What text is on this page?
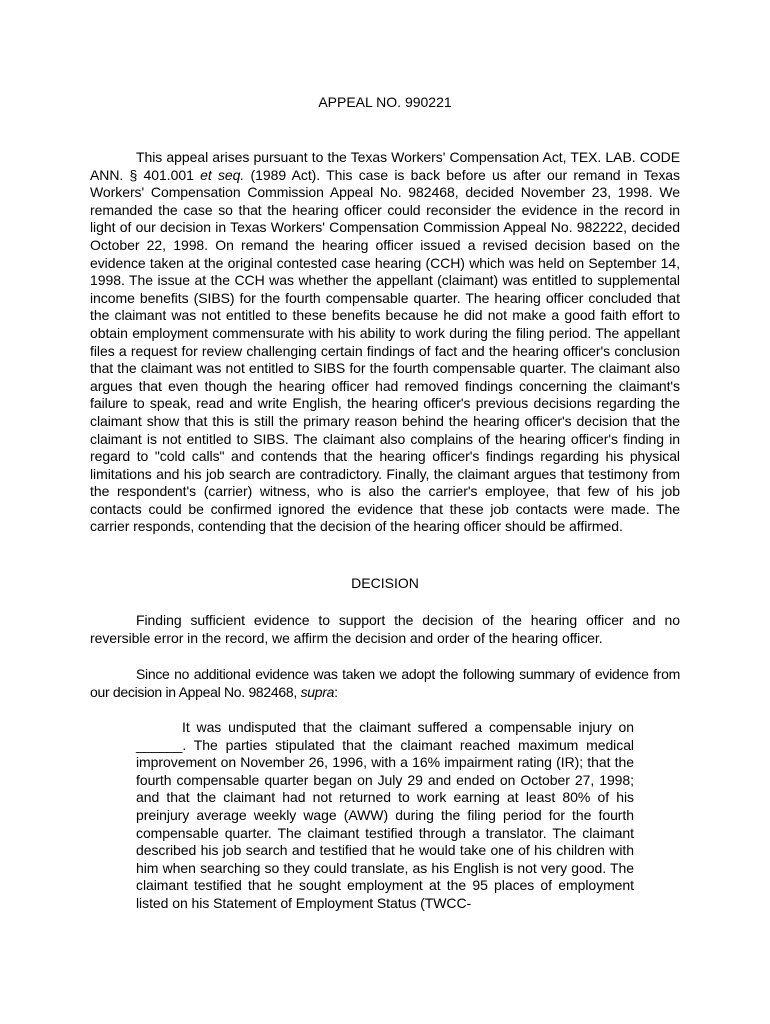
APPEAL NO. 990221

This appeal arises pursuant to the Texas Workers' Compensation Act, TEX. LAB. CODE ANN. § 401.001 et seq. (1989 Act). This case is back before us after our remand in Texas Workers' Compensation Commission Appeal No. 982468, decided November 23, 1998. We remanded the case so that the hearing officer could reconsider the evidence in the record in light of our decision in Texas Workers' Compensation Commission Appeal No. 982222, decided October 22, 1998. On remand the hearing officer issued a revised decision based on the evidence taken at the original contested case hearing (CCH) which was held on September 14, 1998. The issue at the CCH was whether the appellant (claimant) was entitled to supplemental income benefits (SIBS) for the fourth compensable quarter. The hearing officer concluded that the claimant was not entitled to these benefits because he did not make a good faith effort to obtain employment commensurate with his ability to work during the filing period. The appellant files a request for review challenging certain findings of fact and the hearing officer's conclusion that the claimant was not entitled to SIBS for the fourth compensable quarter. The claimant also argues that even though the hearing officer had removed findings concerning the claimant's failure to speak, read and write English, the hearing officer's previous decisions regarding the claimant show that this is still the primary reason behind the hearing officer's decision that the claimant is not entitled to SIBS. The claimant also complains of the hearing officer's finding in regard to "cold calls" and contends that the hearing officer's findings regarding his physical limitations and his job search are contradictory. Finally, the claimant argues that testimony from the respondent's (carrier) witness, who is also the carrier's employee, that few of his job contacts could be confirmed ignored the evidence that these job contacts were made. The carrier responds, contending that the decision of the hearing officer should be affirmed.

DECISION

Finding sufficient evidence to support the decision of the hearing officer and no reversible error in the record, we affirm the decision and order of the hearing officer.

Since no additional evidence was taken we adopt the following summary of evidence from our decision in Appeal No. 982468, supra:

It was undisputed that the claimant suffered a compensable injury on ______. The parties stipulated that the claimant reached maximum medical improvement on November 26, 1996, with a 16% impairment rating (IR); that the fourth compensable quarter began on July 29 and ended on October 27, 1998; and that the claimant had not returned to work earning at least 80% of his preinjury average weekly wage (AWW) during the filing period for the fourth compensable quarter. The claimant testified through a translator. The claimant described his job search and testified that he would take one of his children with him when searching so they could translate, as his English is not very good. The claimant testified that he sought employment at the 95 places of employment listed on his Statement of Employment Status (TWCC-
